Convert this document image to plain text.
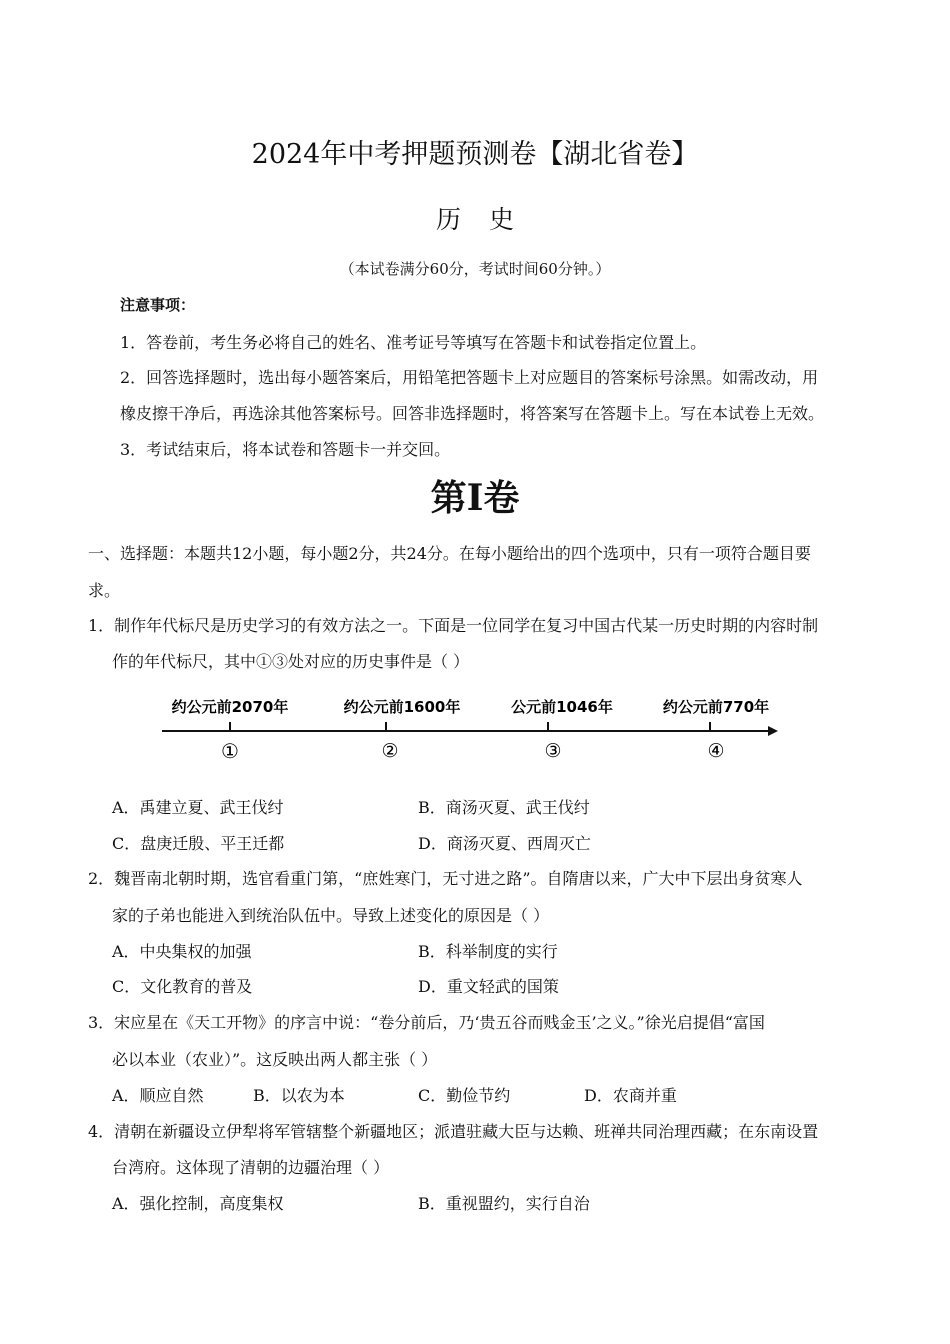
2024年中考押题预测卷【湖北省卷】
历史
（本试卷满分60分，考试时间60分钟。）
注意事项：
1．答卷前，考生务必将自己的姓名、准考证号等填写在答题卡和试卷指定位置上。
2．回答选择题时，选出每小题答案后，用铅笔把答题卡上对应题目的答案标号涂黑。如需改动，用
橡皮擦干净后，再选涂其他答案标号。回答非选择题时，将答案写在答题卡上。写在本试卷上无效。
3．考试结束后，将本试卷和答题卡一并交回。
第Ⅰ卷
一、选择题：本题共12小题，每小题2分，共24分。在每小题给出的四个选项中，只有一项符合题目要
求。
1．制作年代标尺是历史学习的有效方法之一。下面是一位同学在复习中国古代某一历史时期的内容时制
作的年代标尺，其中①③处对应的历史事件是（ ）
约公元前2070年	约公元前1600年	公元前1046年	约公元前770年
①	②	③	④
A．禹建立夏、武王伐纣	B．商汤灭夏、武王伐纣
C．盘庚迁殷、平王迁都	D．商汤灭夏、西周灭亡
2．魏晋南北朝时期，选官看重门第，“庶姓寒门，无寸进之路”。自隋唐以来，广大中下层出身贫寒人
家的子弟也能进入到统治队伍中。导致上述变化的原因是（ ）
A．中央集权的加强	B．科举制度的实行
C．文化教育的普及	D．重文轻武的国策
3．宋应星在《天工开物》的序言中说：“卷分前后，乃‘贵五谷而贱金玉’之义。”徐光启提倡“富国
必以本业（农业）”。这反映出两人都主张（ ）
A．顺应自然	B．以农为本	C．勤俭节约	D．农商并重
4．清朝在新疆设立伊犁将军管辖整个新疆地区；派遣驻藏大臣与达赖、班禅共同治理西藏；在东南设置
台湾府。这体现了清朝的边疆治理（ ）
A．强化控制，高度集权	B．重视盟约，实行自治
